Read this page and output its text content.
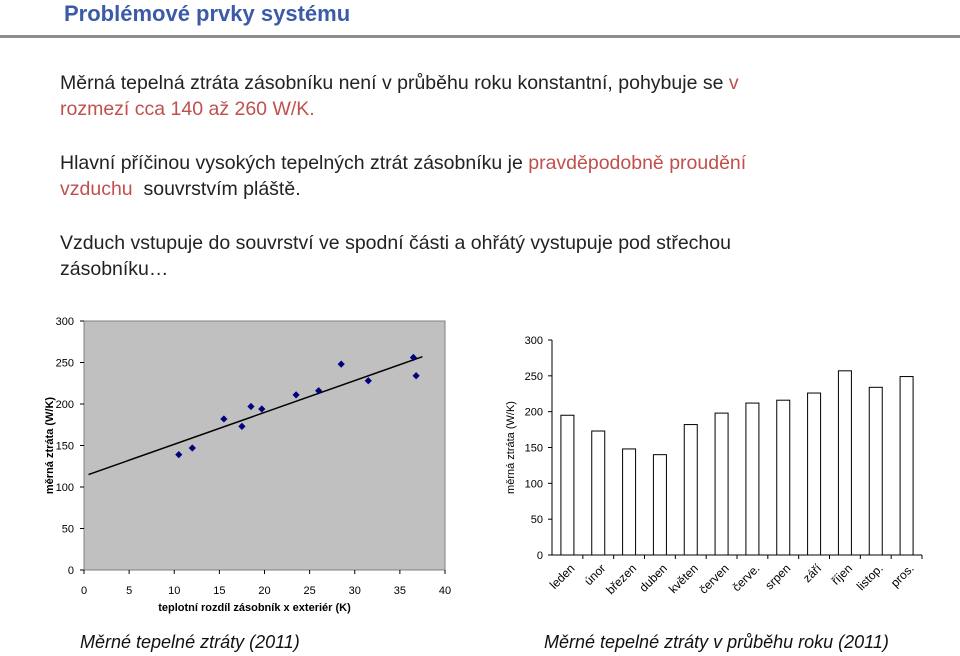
Problémové prvky systému
Měrná tepelná ztráta zásobníku není v průběhu roku konstantní, pohybuje se v
rozmezí cca 140 až 260 W/K.
Hlavní příčinou vysokých tepelných ztrát zásobníku je pravděpodobně proudění
vzduchu souvrstvím pláště.
Vzduch vstupuje do souvrství ve spodní části a ohřátý vystupuje pod střechou
zásobníku…
0
50
100
150
200
250
300
0	5	10	15	20	25	30	35	40
teplotní rozdíl zásobník x exteriér (K)
měrná ztráta (W/K)
0
50
100
150
200
250
300
měrná ztráta (W/K)
leden únor
březen
duben
květen
červen
červe. srpen září říjen
listop. pros.
Měrné tepelné ztráty (2011)	Měrné tepelné ztráty v průběhu roku (2011)
